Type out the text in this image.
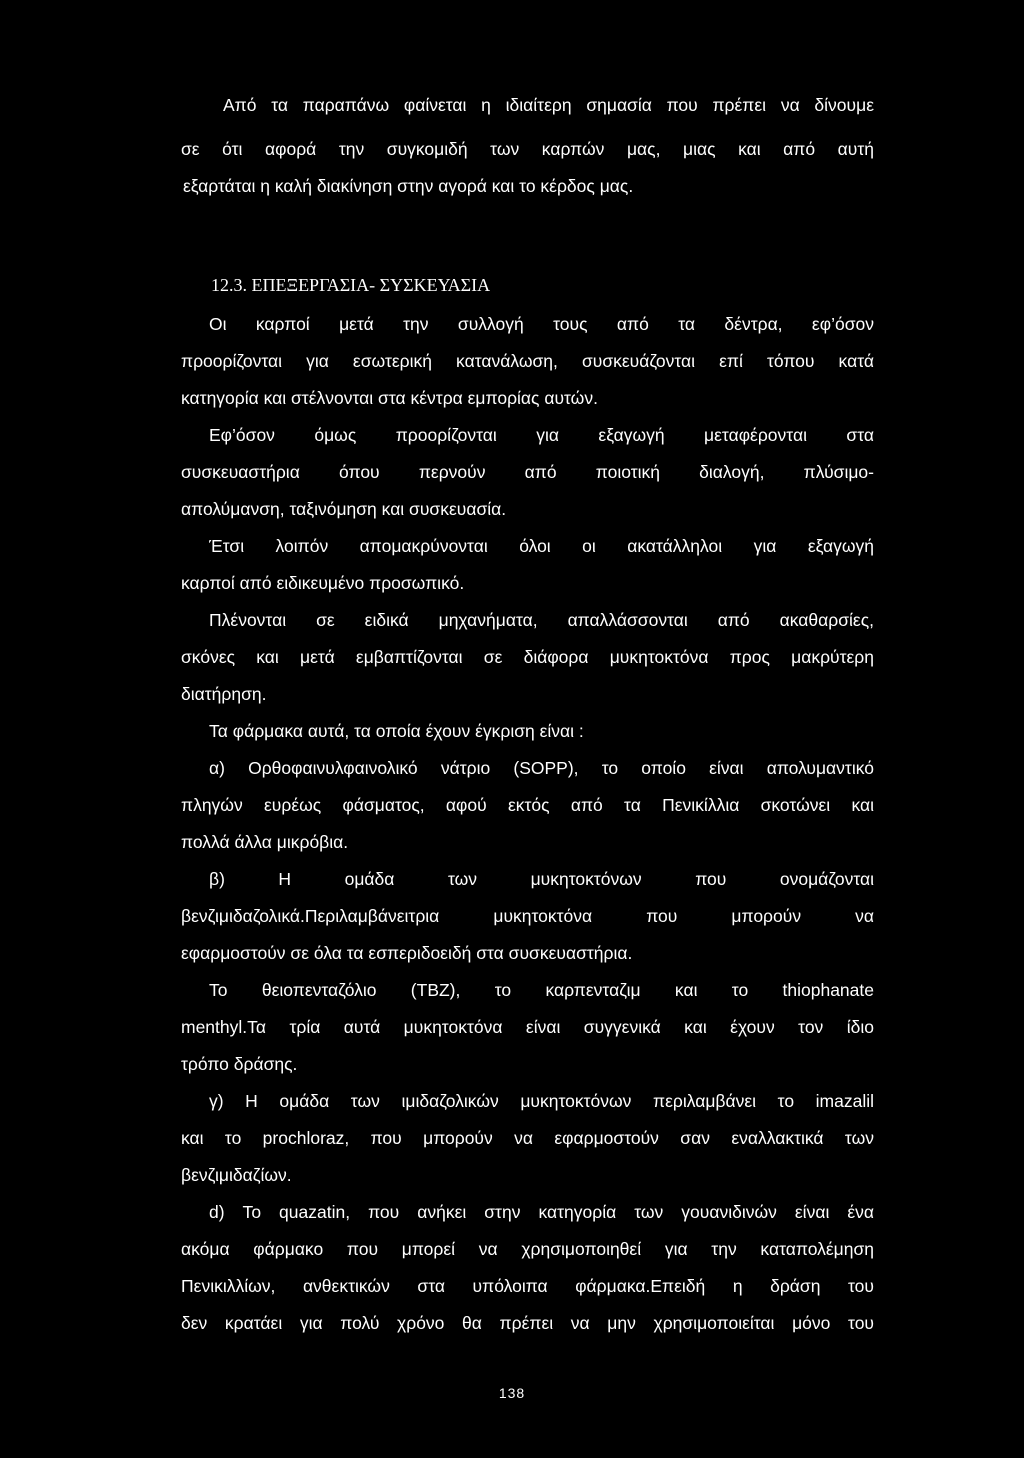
Από τα παραπάνω φαίνεται η ιδιαίτερη σημασία που πρέπει να δίνουμε
σε ότι αφορά την συγκομιδή των καρπών μας, μιας και από αυτή
εξαρτάται η καλή διακίνηση στην αγορά και το κέρδος μας.
12.3. ΕΠΕΞΕΡΓΑΣΙΑ- ΣΥΣΚΕΥΑΣΙΑ
Οι καρποί μετά την συλλογή τους από τα δέντρα, εφ’όσον
προορίζονται για εσωτερική κατανάλωση, συσκευάζονται επί τόπου κατά
κατηγορία και στέλνονται στα κέντρα εμπορίας αυτών.
Εφ’όσον όμως προορίζονται για εξαγωγή μεταφέρονται στα
συσκευαστήρια όπου περνούν από ποιοτική διαλογή, πλύσιμο-
απολύμανση, ταξινόμηση και συσκευασία.
Έτσι λοιπόν απομακρύνονται όλοι οι ακατάλληλοι για εξαγωγή
καρποί από ειδικευμένο προσωπικό.
Πλένονται σε ειδικά μηχανήματα, απαλλάσσονται από ακαθαρσίες,
σκόνες και μετά εμβαπτίζονται σε διάφορα μυκητοκτόνα προς μακρύτερη
διατήρηση.
Τα φάρμακα αυτά, τα οποία έχουν έγκριση είναι :
α) Ορθοφαινυλφαινολικό νάτριο (SOPP), το οποίο είναι απολυμαντικό
πληγών ευρέως φάσματος, αφού εκτός από τα Πενικίλλια σκοτώνει και
πολλά άλλα μικρόβια.
β) Η ομάδα των μυκητοκτόνων που ονομάζονται
βενζιμιδαζολικά.Περιλαμβάνειτρια μυκητοκτόνα που μπορούν να
εφαρμοστούν σε όλα τα εσπεριδοειδή στα συσκευαστήρια.
Το θειοπενταζόλιο (TBZ), το καρπενταζιμ και το thiophanate
menthyl.Τα τρία αυτά μυκητοκτόνα είναι συγγενικά και έχουν τον ίδιο
τρόπο δράσης.
γ) Η ομάδα των ιμιδαζολικών μυκητοκτόνων περιλαμβάνει το imazalil
και το prochloraz, που μπορούν να εφαρμοστούν σαν εναλλακτικά των
βενζιμιδαζίων.
d) Το quazatin, που ανήκει στην κατηγορία των γουανιδινών είναι ένα
ακόμα φάρμακο που μπορεί να χρησιμοποιηθεί για την καταπολέμηση
Πενικιλλίων, ανθεκτικών στα υπόλοιπα φάρμακα.Επειδή η δράση του
δεν κρατάει για πολύ χρόνο θα πρέπει να μην χρησιμοποιείται μόνο του
138
